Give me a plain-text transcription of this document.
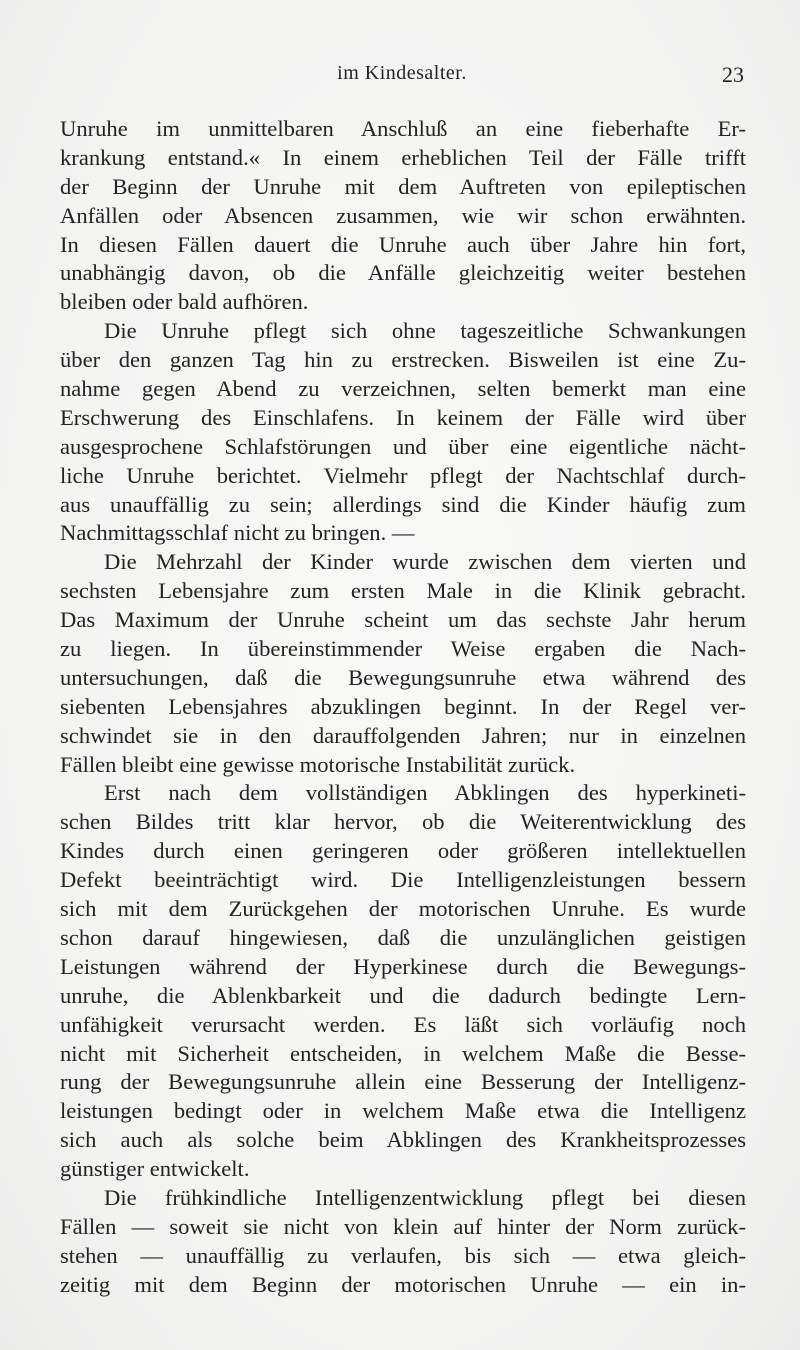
im Kindesalter.	23
Unruhe im unmittelbaren Anschluß an eine fieberhafte Er-
krankung entstand.« In einem erheblichen Teil der Fälle trifft
der Beginn der Unruhe mit dem Auftreten von epileptischen
Anfällen oder Absencen zusammen, wie wir schon erwähnten.
In diesen Fällen dauert die Unruhe auch über Jahre hin fort,
unabhängig davon, ob die Anfälle gleichzeitig weiter bestehen
bleiben oder bald aufhören.
Die Unruhe pflegt sich ohne tageszeitliche Schwankungen
über den ganzen Tag hin zu erstrecken. Bisweilen ist eine Zu-
nahme gegen Abend zu verzeichnen, selten bemerkt man eine
Erschwerung des Einschlafens. In keinem der Fälle wird über
ausgesprochene Schlafstörungen und über eine eigentliche nächt-
liche Unruhe berichtet. Vielmehr pflegt der Nachtschlaf durch-
aus unauffällig zu sein; allerdings sind die Kinder häufig zum
Nachmittagsschlaf nicht zu bringen. —
Die Mehrzahl der Kinder wurde zwischen dem vierten und
sechsten Lebensjahre zum ersten Male in die Klinik gebracht.
Das Maximum der Unruhe scheint um das sechste Jahr herum
zu liegen. In übereinstimmender Weise ergaben die Nach-
untersuchungen, daß die Bewegungsunruhe etwa während des
siebenten Lebensjahres abzuklingen beginnt. In der Regel ver-
schwindet sie in den darauffolgenden Jahren; nur in einzelnen
Fällen bleibt eine gewisse motorische Instabilität zurück.
Erst nach dem vollständigen Abklingen des hyperkineti-
schen Bildes tritt klar hervor, ob die Weiterentwicklung des
Kindes durch einen geringeren oder größeren intellektuellen
Defekt beeinträchtigt wird. Die Intelligenzleistungen bessern
sich mit dem Zurückgehen der motorischen Unruhe. Es wurde
schon darauf hingewiesen, daß die unzulänglichen geistigen
Leistungen während der Hyperkinese durch die Bewegungs-
unruhe, die Ablenkbarkeit und die dadurch bedingte Lern-
unfähigkeit verursacht werden. Es läßt sich vorläufig noch
nicht mit Sicherheit entscheiden, in welchem Maße die Besse-
rung der Bewegungsunruhe allein eine Besserung der Intelligenz-
leistungen bedingt oder in welchem Maße etwa die Intelligenz
sich auch als solche beim Abklingen des Krankheitsprozesses
günstiger entwickelt.
Die frühkindliche Intelligenzentwicklung pflegt bei diesen
Fällen — soweit sie nicht von klein auf hinter der Norm zurück-
stehen — unauffällig zu verlaufen, bis sich — etwa gleich-
zeitig mit dem Beginn der motorischen Unruhe — ein in-
